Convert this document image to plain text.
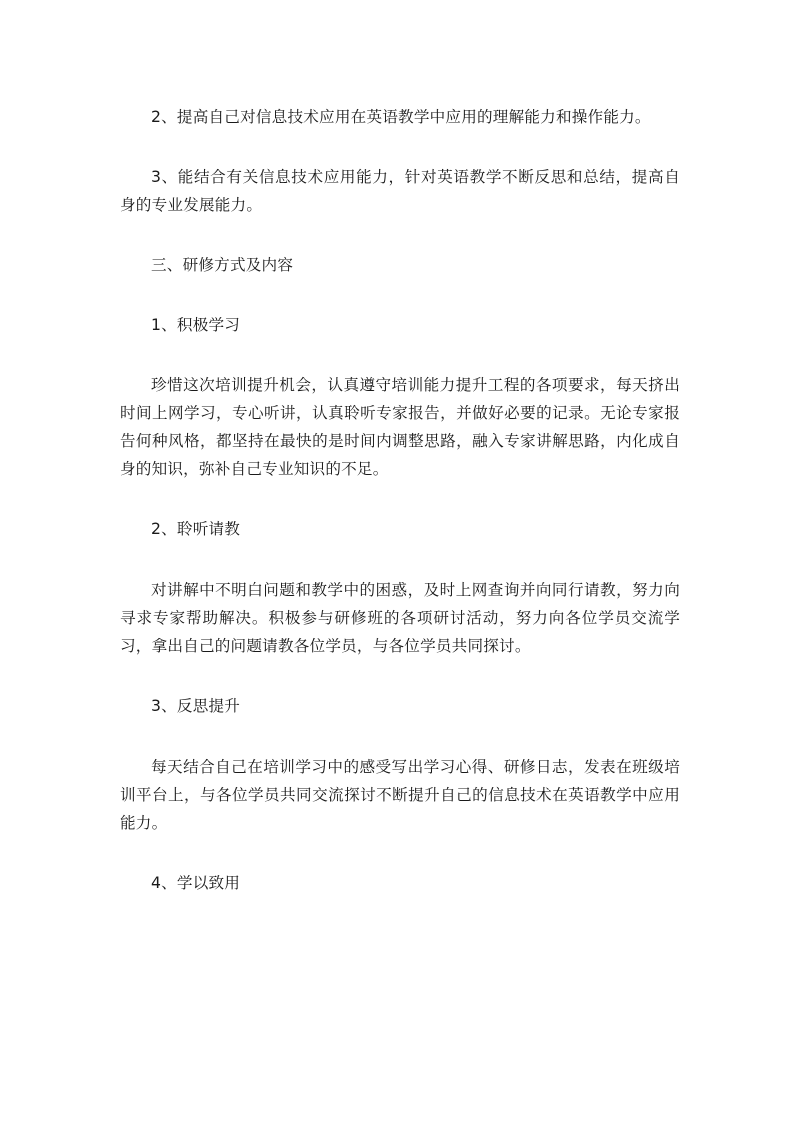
2、提高自己对信息技术应用在英语教学中应用的理解能力和操作能力。

3、能结合有关信息技术应用能力，针对英语教学不断反思和总结，提高自身的专业发展能力。

三、研修方式及内容

1、积极学习

珍惜这次培训提升机会，认真遵守培训能力提升工程的各项要求，每天挤出时间上网学习，专心听讲，认真聆听专家报告，并做好必要的记录。无论专家报告何种风格，都坚持在最快的是时间内调整思路，融入专家讲解思路，内化成自身的知识，弥补自己专业知识的不足。

2、聆听请教

对讲解中不明白问题和教学中的困惑，及时上网查询并向同行请教，努力向寻求专家帮助解决。积极参与研修班的各项研讨活动，努力向各位学员交流学习，拿出自己的问题请教各位学员，与各位学员共同探讨。

3、反思提升

每天结合自己在培训学习中的感受写出学习心得、研修日志，发表在班级培训平台上，与各位学员共同交流探讨不断提升自己的信息技术在英语教学中应用能力。

4、学以致用
